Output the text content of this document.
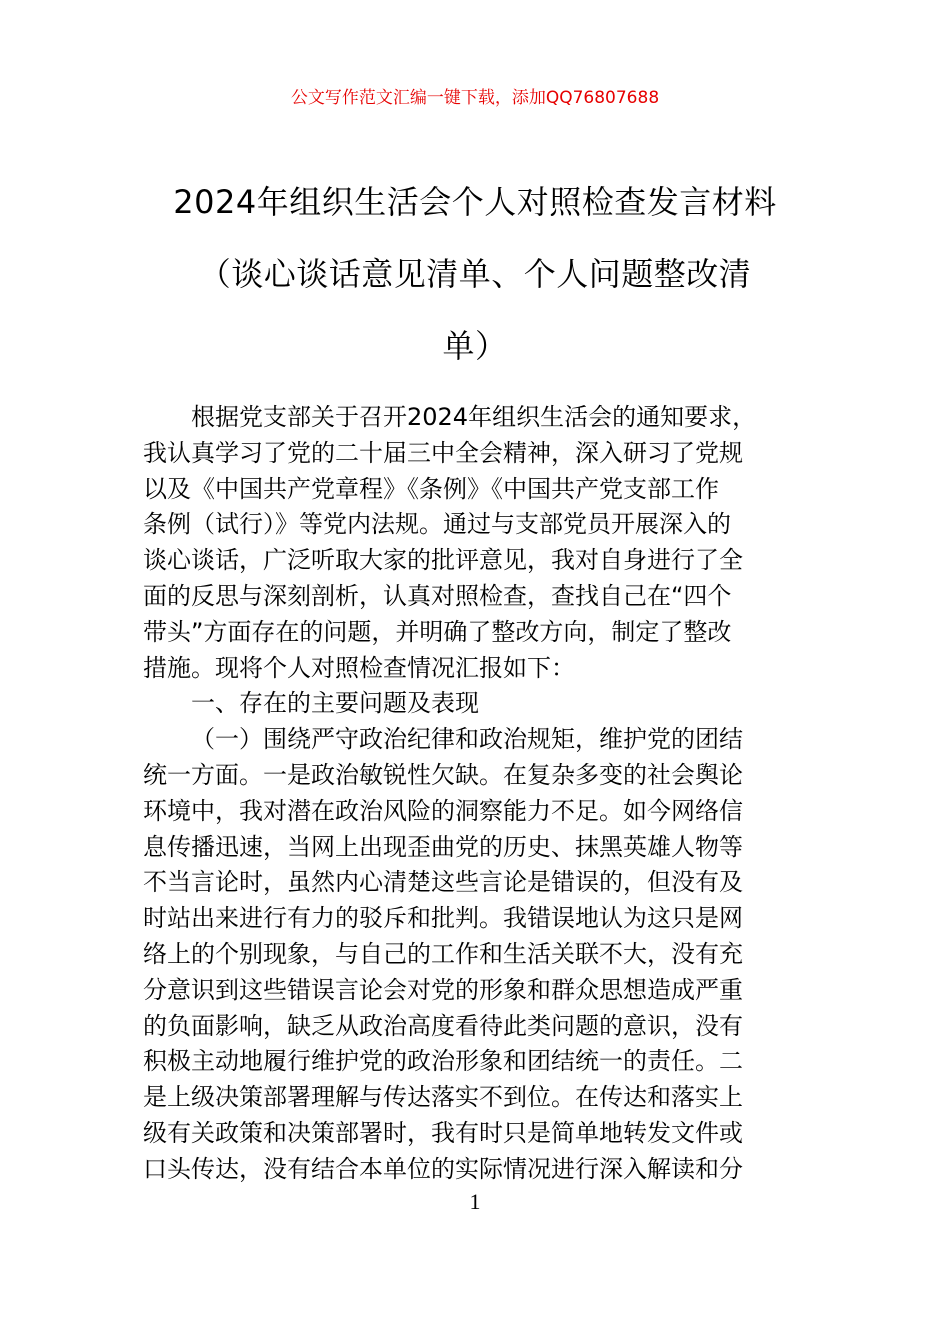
公文写作范文汇编一键下载，添加QQ76807688
2024年组织生活会个人对照检查发言材料
（谈心谈话意见清单、个人问题整改清
单）
根据党支部关于召开2024年组织生活会的通知要求，
我认真学习了党的二十届三中全会精神，深入研习了党规
以及《中国共产党章程》《条例》《中国共产党支部工作
条例（试行）》等党内法规。通过与支部党员开展深入的
谈心谈话，广泛听取大家的批评意见，我对自身进行了全
面的反思与深刻剖析，认真对照检查，查找自己在“四个
带头”方面存在的问题，并明确了整改方向，制定了整改
措施。现将个人对照检查情况汇报如下：
一、存在的主要问题及表现
（一）围绕严守政治纪律和政治规矩，维护党的团结
统一方面。一是政治敏锐性欠缺。在复杂多变的社会舆论
环境中，我对潜在政治风险的洞察能力不足。如今网络信
息传播迅速，当网上出现歪曲党的历史、抹黑英雄人物等
不当言论时，虽然内心清楚这些言论是错误的，但没有及
时站出来进行有力的驳斥和批判。我错误地认为这只是网
络上的个别现象，与自己的工作和生活关联不大，没有充
分意识到这些错误言论会对党的形象和群众思想造成严重
的负面影响，缺乏从政治高度看待此类问题的意识，没有
积极主动地履行维护党的政治形象和团结统一的责任。二
是上级决策部署理解与传达落实不到位。在传达和落实上
级有关政策和决策部署时，我有时只是简单地转发文件或
口头传达，没有结合本单位的实际情况进行深入解读和分
1
